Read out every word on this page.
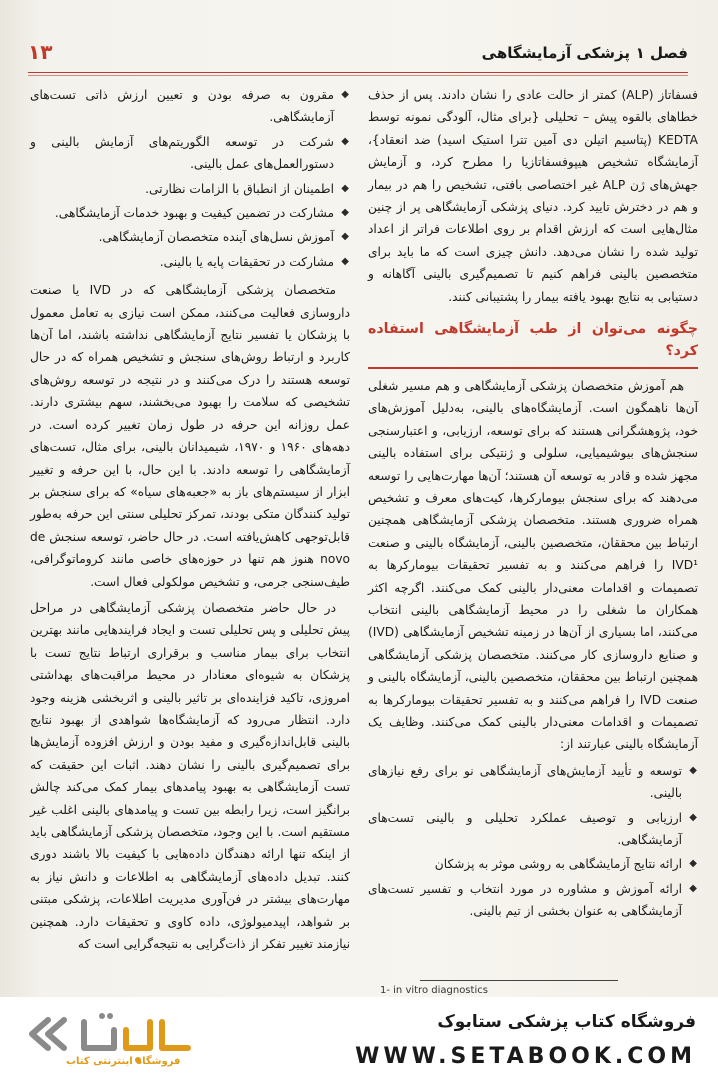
فصل ۱
پزشکی آزمایشگاهی
۱۳

فسفاتاز (ALP) کمتر از حالت عادی را نشان دادند. پس از حذف خطاهای بالقوه پیش – تحلیلی {برای مثال، آلودگی نمونه توسط KEDTA (پتاسیم اتیلن دی آمین تترا استیک اسید) ضد انعقاد}، آزمایشگاه تشخیص هیپوفسفاتازیا را مطرح کرد، و آزمایش جهش‌های ژن ALP غیر اختصاصی بافتی، تشخیص را هم در بیمار و هم در دخترش تایید کرد. دنیای پزشکی آزمایشگاهی پر از چنین مثال‌هایی است که ارزش اقدام بر روی اطلاعات فراتر از اعداد تولید شده را نشان می‌دهد. دانش چیزی است که ما باید برای متخصصین بالینی فراهم کنیم تا تصمیم‌گیری بالینی آگاهانه و دستیابی به نتایج بهبود یافته بیمار را پشتیبانی کنند.

چگونه می‌توان از طب آزمایشگاهی استفاده کرد؟

هم آموزش متخصصان پزشکی آزمایشگاهی و هم مسیر شغلی آن‌ها ناهمگون است. آزمایشگاه‌های بالینی، به‌دلیل آموزش‌های خود، پژوهشگرانی هستند که برای توسعه، ارزیابی، و اعتبارسنجی سنجش‌های بیوشیمیایی، سلولی و ژنتیکی برای استفاده بالینی مجهز شده و قادر به توسعه آن هستند؛ آن‌ها مهارت‌هایی را توسعه می‌دهند که برای سنجش بیومارکرها، کیت‌های معرف و تشخیص همراه ضروری هستند. متخصصان پزشکی آزمایشگاهی همچنین ارتباط بین محققان، متخصصین بالینی، آزمایشگاه بالینی و صنعت IVD¹ را فراهم می‌کنند و به تفسیر تحقیقات بیومارکرها به تصمیمات و اقدامات معنی‌دار بالینی کمک می‌کنند. اگرچه اکثر همکاران ما شغلی را در محیط آزمایشگاهی بالینی انتخاب می‌کنند، اما بسیاری از آن‌ها در زمینه تشخیص آزمایشگاهی (IVD) و صنایع داروسازی کار می‌کنند. متخصصان پزشکی آزمایشگاهی همچنین ارتباط بین محققان، متخصصین بالینی، آزمایشگاه بالینی و صنعت IVD را فراهم می‌کنند و به تفسیر تحقیقات بیومارکرها به تصمیمات و اقدامات معنی‌دار بالینی کمک می‌کنند. وظایف یک آزمایشگاه بالینی عبارتند از:

◆
توسعه و تأیید آزمایش‌های آزمایشگاهی نو برای رفع نیازهای بالینی.
◆
ارزیابی و توصیف عملکرد تحلیلی و بالینی تست‌های آزمایشگاهی.
◆
ارائه نتایج آزمایشگاهی به روشی موثر به پزشکان
◆
ارائه آموزش و مشاوره در مورد انتخاب و تفسیر تست‌های آزمایشگاهی به عنوان بخشی از تیم بالینی.
◆
مقرون به صرفه بودن و تعیین ارزش ذاتی تست‌های آزمایشگاهی.
◆
شرکت در توسعه الگوریتم‌های آزمایش بالینی و دستورالعمل‌های عمل بالینی.
◆
اطمینان از انطباق با الزامات نظارتی.
◆
مشارکت در تضمین کیفیت و بهبود خدمات آزمایشگاهی.
◆
آموزش نسل‌های آینده متخصصان آزمایشگاهی.
◆
مشارکت در تحقیقات پایه یا بالینی.

متخصصان پزشکی آزمایشگاهی که در IVD یا صنعت داروسازی فعالیت می‌کنند، ممکن است نیازی به تعامل معمول با پزشکان یا تفسیر نتایج آزمایشگاهی نداشته باشند، اما آن‌ها کاربرد و ارتباط روش‌های سنجش و تشخیص همراه که در حال توسعه هستند را درک می‌کنند و در نتیجه در توسعه روش‌های تشخیصی که سلامت را بهبود می‌بخشند، سهم بیشتری دارند. عمل روزانه این حرفه در طول زمان تغییر کرده است. در دهه‌های ۱۹۶۰ و ۱۹۷۰، شیمیدانان بالینی، برای مثال، تست‌های آزمایشگاهی را توسعه دادند. با این حال، با این حرفه و تغییر ابزار از سیستم‌های باز به «جعبه‌های سیاه» که برای سنجش بر تولید کنندگان متکی بودند، تمرکز تحلیلی سنتی این حرفه به‌طور قابل‌توجهی کاهش‌یافته است. در حال حاضر، توسعه سنجش de novo هنوز هم تنها در حوزه‌های خاصی مانند کروماتوگرافی، طیف‌سنجی جرمی، و تشخیص مولکولی فعال است.

در حال حاضر متخصصان پزشکی آزمایشگاهی در مراحل پیش تحلیلی و پس تحلیلی تست و ایجاد فرایندهایی مانند بهترین انتخاب برای بیمار مناسب و برقراری ارتباط نتایج تست با پزشکان به شیوه‌ای معنادار در محیط مراقبت‌های بهداشتی امروزی، تاکید فزاینده‌ای بر تاثیر بالینی و اثربخشی هزینه وجود دارد. انتظار می‌رود که آزمایشگاه‌ها شواهدی از بهبود نتایج بالینی قابل‌اندازه‌گیری و مفید بودن و ارزش افزوده آزمایش‌ها برای تصمیم‌گیری بالینی را نشان دهند. اثبات این حقیقت که تست آزمایشگاهی به بهبود پیامدهای بیمار کمک می‌کند چالش برانگیز است، زیرا رابطه بین تست و پیامدهای بالینی اغلب غیر مستقیم است. با این وجود، متخصصان پزشکی آزمایشگاهی باید از اینکه تنها ارائه دهندگان داده‌هایی با کیفیت بالا باشند دوری کنند. تبدیل داده‌های آزمایشگاهی به اطلاعات و دانش نیاز به مهارت‌های بیشتر در فن‌آوری مدیریت اطلاعات، پزشکی مبتنی بر شواهد، اپیدمیولوژی، داده کاوی و تحقیقات دارد. همچنین نیازمند تغییر تفکر از ذات‌گرایی به نتیجه‌گرایی است که

1- in vitro diagnostics
فروشگاه اینترنتی کتاب
فروشگاه کتاب پزشکی ستابوک
WWW.SETABOOK.COM
